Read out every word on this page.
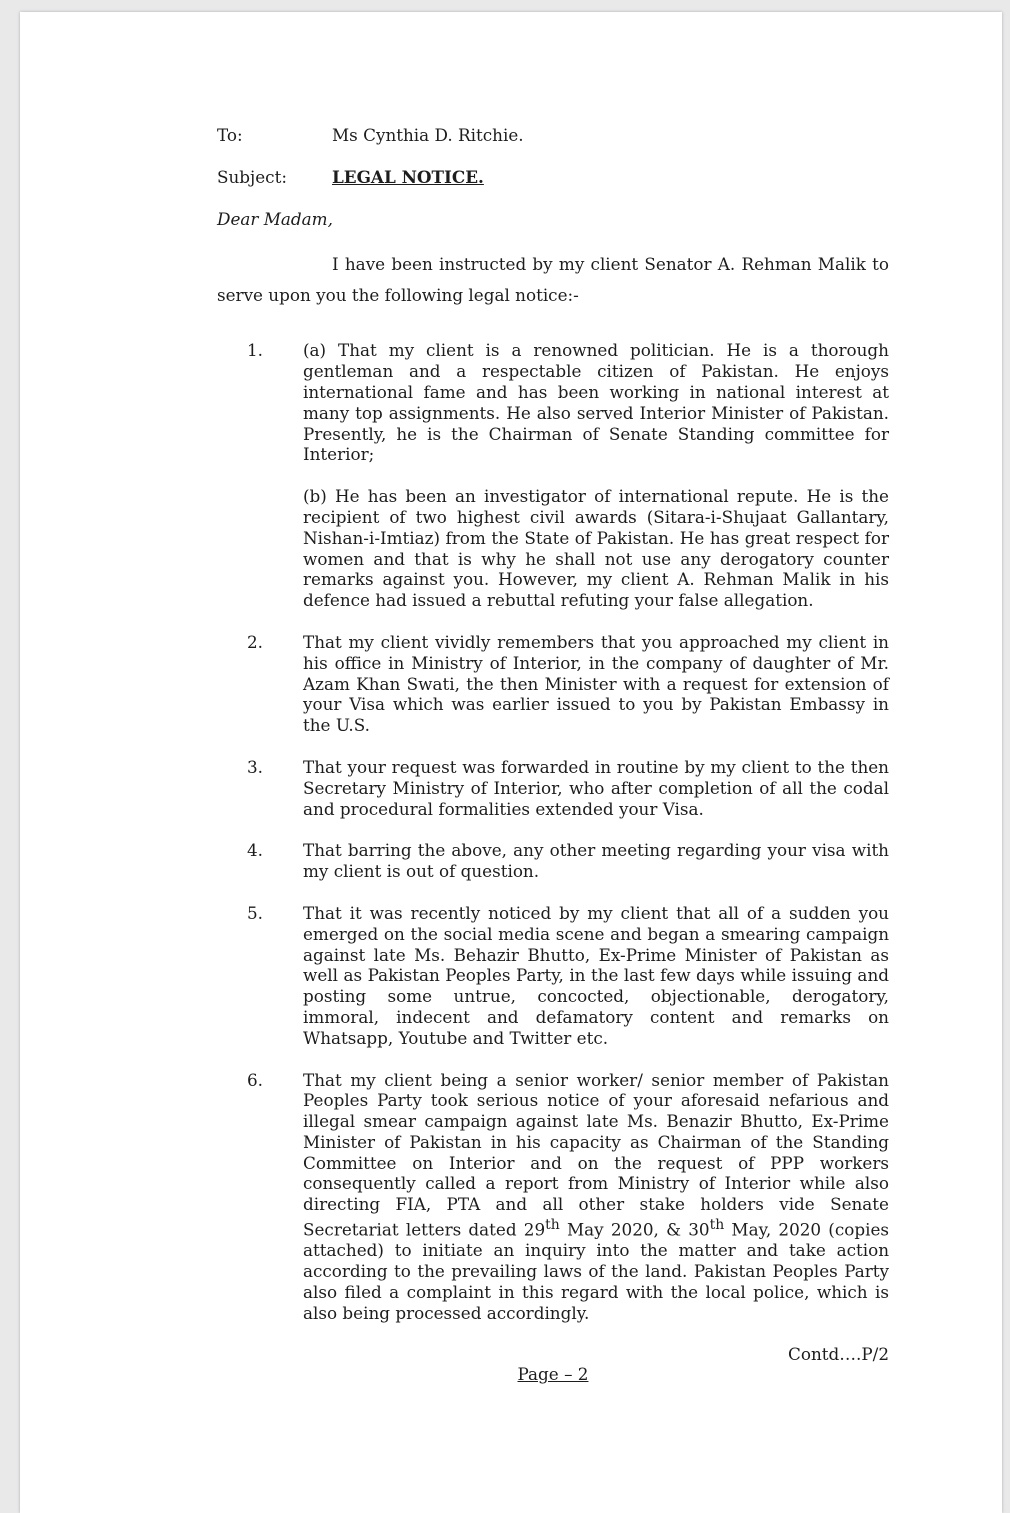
To:	Ms Cynthia D. Ritchie.
Subject:	LEGAL NOTICE.
Dear Madam,
I have been instructed by my client Senator A. Rehman Malik to serve upon you the following legal notice:-
1.	(a) That my client is a renowned politician. He is a thorough gentleman and a respectable citizen of Pakistan. He enjoys international fame and has been working in national interest at many top assignments. He also served Interior Minister of Pakistan. Presently, he is the Chairman of Senate Standing committee for Interior;

(b) He has been an investigator of international repute. He is the recipient of two highest civil awards (Sitara-i-Shujaat Gallantary, Nishan-i-Imtiaz) from the State of Pakistan. He has great respect for women and that is why he shall not use any derogatory counter remarks against you. However, my client A. Rehman Malik in his defence had issued a rebuttal refuting your false allegation.

2.	That my client vividly remembers that you approached my client in his office in Ministry of Interior, in the company of daughter of Mr. Azam Khan Swati, the then Minister with a request for extension of your Visa which was earlier issued to you by Pakistan Embassy in the U.S.

3.	That your request was forwarded in routine by my client to the then Secretary Ministry of Interior, who after completion of all the codal and procedural formalities extended your Visa.

4.	That barring the above, any other meeting regarding your visa with my client is out of question.

5.	That it was recently noticed by my client that all of a sudden you emerged on the social media scene and began a smearing campaign against late Ms. Behazir Bhutto, Ex-Prime Minister of Pakistan as well as Pakistan Peoples Party, in the last few days while issuing and posting some untrue, concocted, objectionable, derogatory, immoral, indecent and defamatory content and remarks on Whatsapp, Youtube and Twitter etc.

6.	That my client being a senior worker/ senior member of Pakistan Peoples Party took serious notice of your aforesaid nefarious and illegal smear campaign against late Ms. Benazir Bhutto, Ex-Prime Minister of Pakistan in his capacity as Chairman of the Standing Committee on Interior and on the request of PPP workers consequently called a report from Ministry of Interior while also directing FIA, PTA and all other stake holders vide Senate Secretariat letters dated 29th May 2020, & 30th May, 2020 (copies attached) to initiate an inquiry into the matter and take action according to the prevailing laws of the land. Pakistan Peoples Party also filed a complaint in this regard with the local police, which is also being processed accordingly.

Contd….P/2
Page – 2
